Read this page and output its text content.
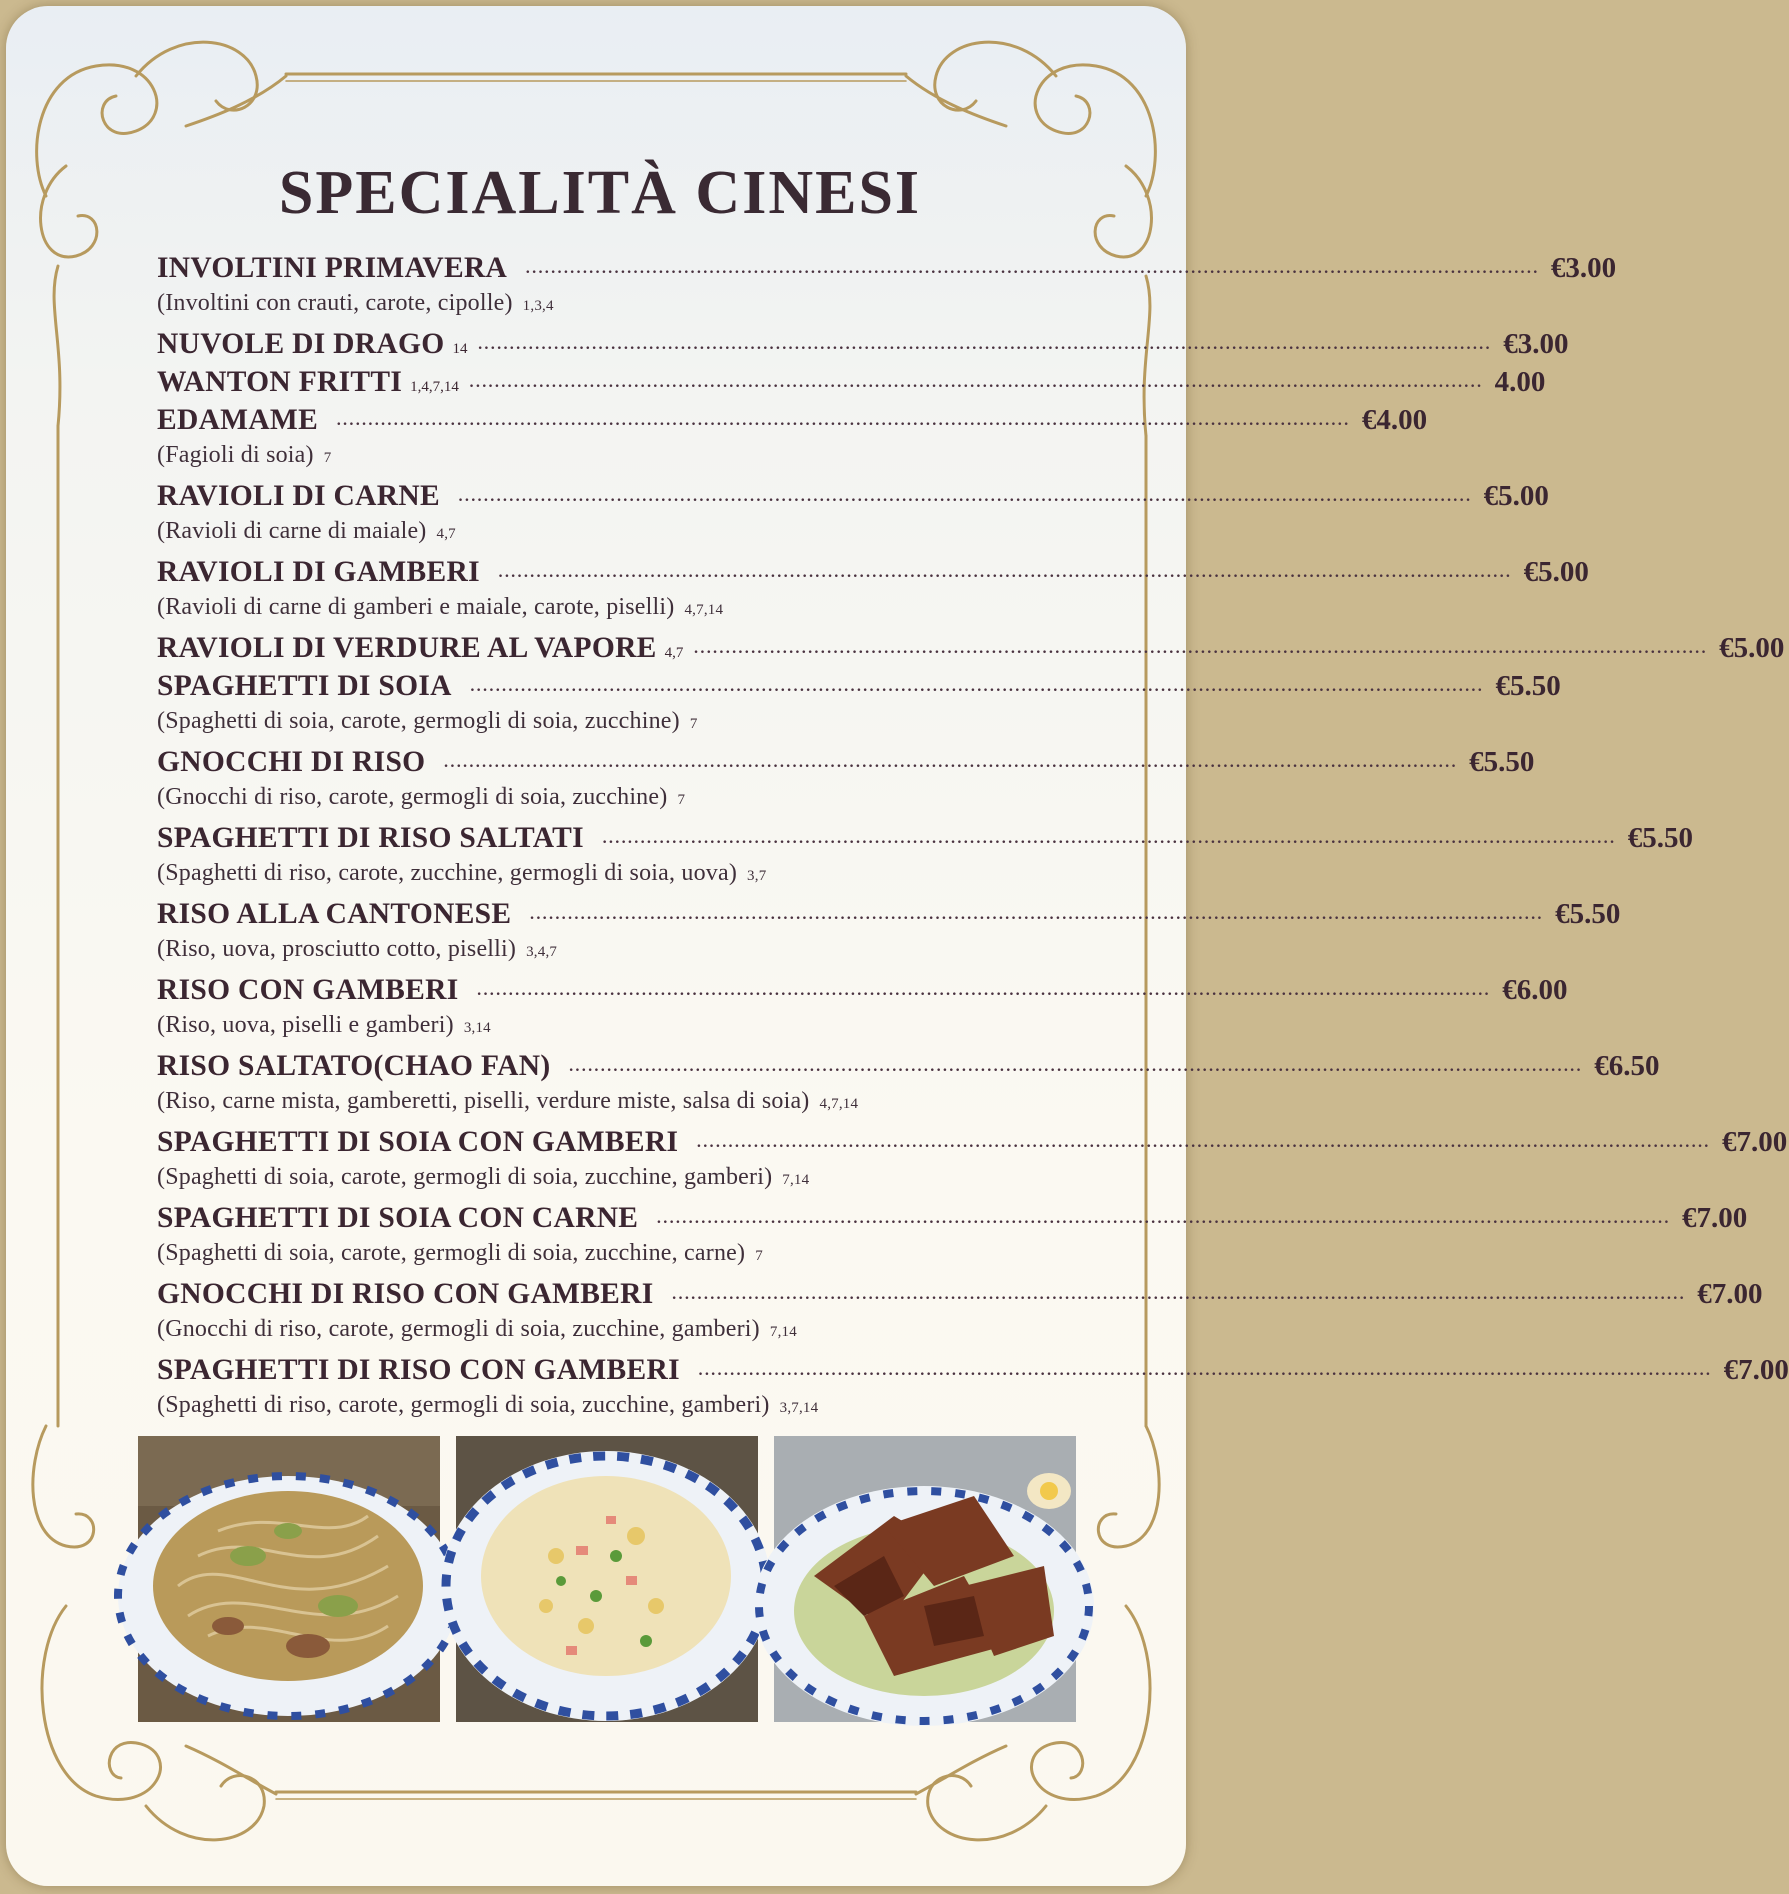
SPECIALITÀ CINESI
INVOLTINI PRIMAVERA ································································································································································ € 3.00
(Involtini con crauti, carote, cipolle) 1,3,4
NUVOLE DI DRAGO 14 ································································································································································ € 3.00
WANTON FRITTI 1,4,7,14 ································································································································································ 4.00
EDAMAME ································································································································································ € 4.00
(Fagioli di soia) 7
RAVIOLI DI CARNE ································································································································································ € 5.00
(Ravioli di carne di maiale) 4,7
RAVIOLI DI GAMBERI ································································································································································ € 5.00
(Ravioli di carne di gamberi e maiale, carote, piselli) 4,7,14
RAVIOLI DI VERDURE AL VAPORE 4,7 ································································································································································ € 5.00
SPAGHETTI DI SOIA ································································································································································ € 5.50
(Spaghetti di soia, carote, germogli di soia, zucchine) 7
GNOCCHI DI RISO ································································································································································ € 5.50
(Gnocchi di riso, carote, germogli di soia, zucchine) 7
SPAGHETTI DI RISO SALTATI ································································································································································ € 5.50
(Spaghetti di riso, carote, zucchine, germogli di soia, uova) 3,7
RISO ALLA CANTONESE ································································································································································ € 5.50
(Riso, uova, prosciutto cotto, piselli) 3,4,7
RISO CON GAMBERI ································································································································································ € 6.00
(Riso, uova, piselli e gamberi) 3,14
RISO SALTATO(CHAO FAN) ································································································································································ € 6.50
(Riso, carne mista, gamberetti, piselli, verdure miste, salsa di soia) 4,7,14
SPAGHETTI DI SOIA CON GAMBERI ································································································································································ € 7.00
(Spaghetti di soia, carote, germogli di soia, zucchine, gamberi) 7,14
SPAGHETTI DI SOIA CON CARNE ································································································································································ € 7.00
(Spaghetti di soia, carote, germogli di soia, zucchine, carne) 7
GNOCCHI DI RISO CON GAMBERI ································································································································································ € 7.00
(Gnocchi di riso, carote, germogli di soia, zucchine, gamberi) 7,14
SPAGHETTI DI RISO CON GAMBERI ································································································································································ € 7.00
(Spaghetti di riso, carote, germogli di soia, zucchine, gamberi) 3,7,14
